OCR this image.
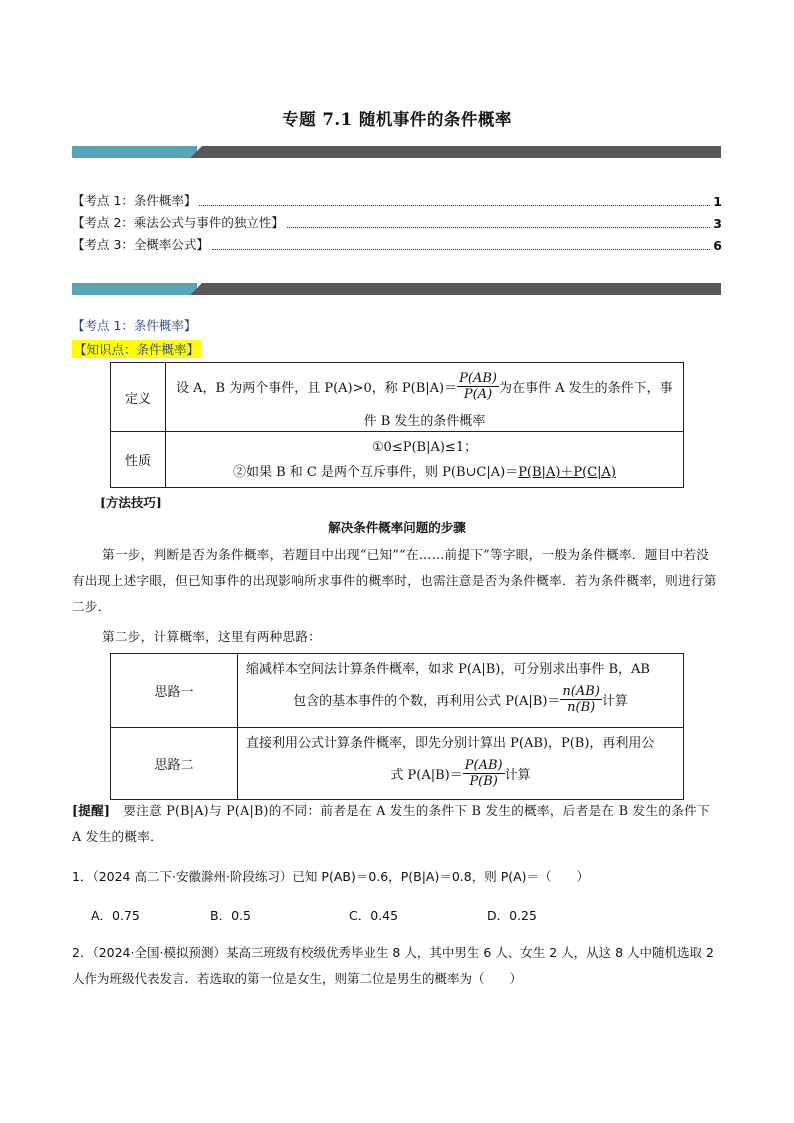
专题 7.1 随机事件的条件概率
【考点 1：条件概率】	1
【考点 2：乘法公式与事件的独立性】	3
【考点 3：全概率公式】	6
【考点 1：条件概率】
【知识点：条件概率】
定义	设 A，B 为两个事件，且 P(A)>0，称 $P(B|A)= \frac{P(AB)}{P(A)}$ 为在事件 A 发生的条件下，事
件 B 发生的条件概率

性质	①0≤P(B|A)≤1；
②如果 B 和 C 是两个互斥事件，则 P(B∪C|A)＝P(B|A)＋P(C|A)
[方法技巧]
解决条件概率问题的步骤
第一步，判断是否为条件概率，若题目中出现“已知”“在……前提下”等字眼，一般为条件概率．题目中若没有出现上述字眼，但已知事件的出现影响所求事件的概率时，也需注意是否为条件概率．若为条件概率，则进行第二步．
第二步，计算概率，这里有两种思路：
思路一	缩减样本空间法计算条件概率，如求 P(A|B)，可分别求出事件 B，AB
包含的基本事件的个数，再利用公式 $P(A|B)= \frac{n(AB)}{n(B)}$ 计算

思路二	直接利用公式计算条件概率，即先分别计算出 P(AB)，P(B)，再利用公
式 $P(A|B)= \frac{P(AB)}{P(B)}$ 计算
[提醒]　要注意 P(B|A)与 P(A|B)的不同：前者是在 A 发生的条件下 B 发生的概率，后者是在 B 发生的条件下 A 发生的概率．
1．（2024 高二下·安徽滁州·阶段练习）已知 P(AB)＝0.6，P(B|A)＝0.8，则 P(A)＝（　　）
A．0.75	B．0.5	C．0.45	D．0.25
2．（2024·全国·模拟预测）某高三班级有校级优秀毕业生 8 人，其中男生 6 人、女生 2 人，从这 8 人中随机选取 2 人作为班级代表发言．若选取的第一位是女生，则第二位是男生的概率为（　　）
